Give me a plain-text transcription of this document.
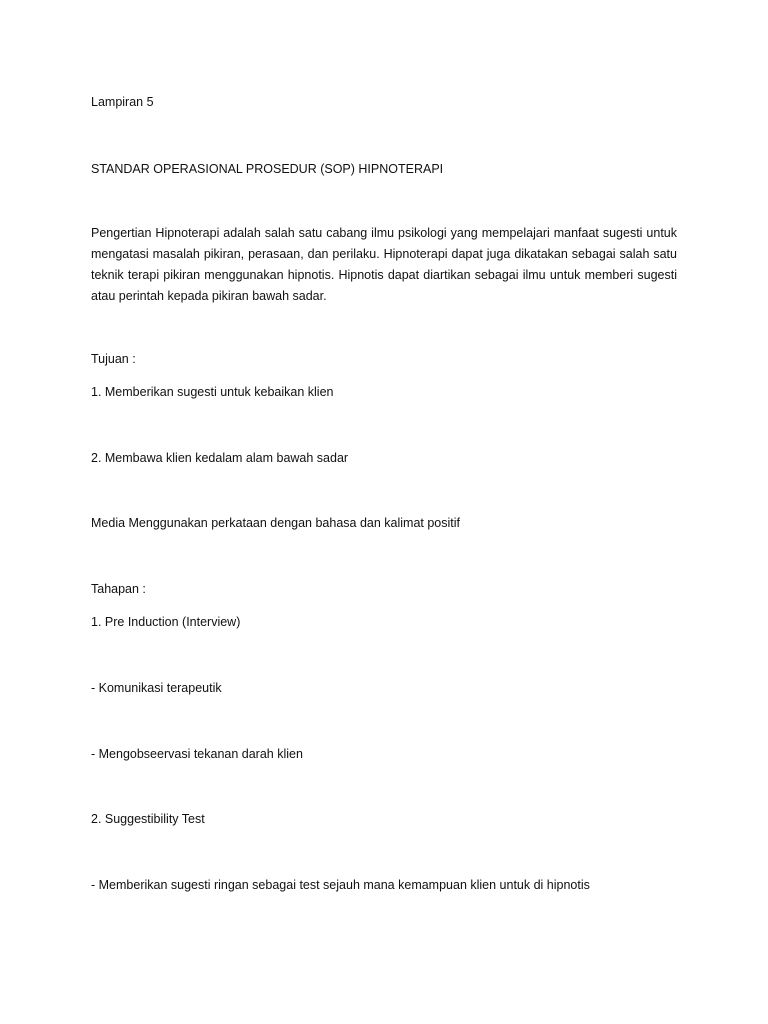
Lampiran 5
STANDAR OPERASIONAL PROSEDUR (SOP) HIPNOTERAPI
Pengertian Hipnoterapi adalah salah satu cabang ilmu psikologi yang mempelajari manfaat sugesti untuk mengatasi masalah pikiran, perasaan, dan perilaku. Hipnoterapi dapat juga dikatakan sebagai salah satu teknik terapi pikiran menggunakan hipnotis. Hipnotis dapat diartikan sebagai ilmu untuk memberi sugesti atau perintah kepada pikiran bawah sadar.
Tujuan :
1. Memberikan sugesti untuk kebaikan klien
2. Membawa klien kedalam alam bawah sadar
Media Menggunakan perkataan dengan bahasa dan kalimat positif
Tahapan :
1. Pre Induction (Interview)
- Komunikasi terapeutik
- Mengobseervasi tekanan darah klien
2. Suggestibility Test
- Memberikan sugesti ringan sebagai test sejauh mana kemampuan klien untuk di hipnotis
